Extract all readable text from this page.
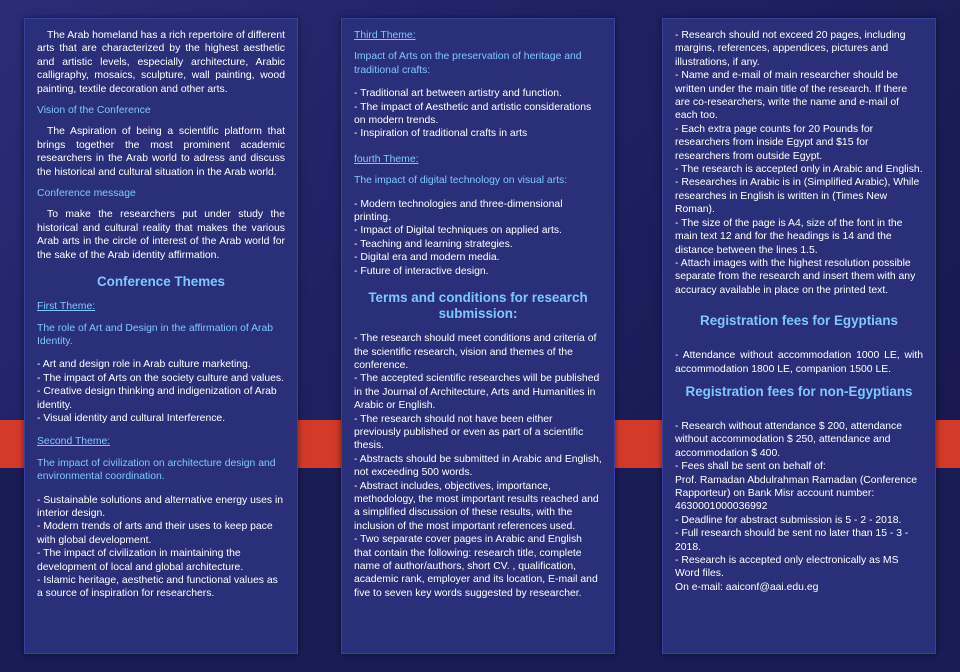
The Arab homeland has a rich repertoire of different arts that are characterized by the highest aesthetic and artistic levels, especially architecture, Arabic calligraphy, mosaics, sculpture, wall painting, wood painting, textile decoration and other arts.

Vision of the Conference

The Aspiration of being a scientific platform that brings together the most prominent academic researchers in the Arab world to adress and discuss the historical and cultural situation in the Arab world.

Conference message

To make the researchers put under study the historical and cultural reality that makes the various Arab arts in the circle of interest of the Arab world for the sake of the Arab identity affirmation.

Conference Themes
First Theme:
The role of Art and Design in the affirmation of Arab Identity.
- Art and design role in Arab culture marketing.
- The impact of Arts on the society culture and values.
- Creative design thinking and indigenization of Arab identity.
- Visual identity and cultural Interference.
Second Theme:
The impact of civilization on architecture design and environmental coordination.
- Sustainable solutions and alternative energy uses in interior design.
- Modern trends of arts and their uses to keep pace with global development.
- The impact of civilization in maintaining the development of local and global architecture.
- Islamic heritage, aesthetic and functional values as a source of inspiration for researchers.
Third Theme:
Impact of Arts on the preservation of heritage and traditional crafts:
- Traditional art between artistry and function.
- The impact of Aesthetic and artistic considerations on modern trends.
- Inspiration of traditional crafts in arts
fourth Theme:
The impact of digital technology on visual arts:
- Modern technologies and three-dimensional printing.
- Impact of Digital techniques on applied arts.
- Teaching and learning strategies.
- Digital era and modern media.
- Future of interactive design.
Terms and conditions for research submission:
- The research should meet conditions and criteria of the scientific research, vision and themes of the conference.
- The accepted scientific researches will be published in the Journal of Architecture, Arts and Humanities in Arabic or English.
- The research should not have been either previously published or even as part of a scientific thesis.
- Abstracts should be submitted in Arabic and English, not exceeding 500 words.
- Abstract includes, objectives, importance, methodology, the most important results reached and a simplified discussion of these results, with the inclusion of the most important references used.
- Two separate cover pages in Arabic and English that contain the following: research title, complete name of author/authors, short CV. , qualification, academic rank, employer and its location, E-mail and five to seven key words suggested by researcher.
- Research should not exceed 20 pages, including margins, references, appendices, pictures and illustrations, if any.
- Name and e-mail of main researcher should be written under the main title of the research. If there are co-researchers, write the name and e-mail of each too.
- Each extra page counts for 20 Pounds for researchers from inside Egypt and $15 for researchers from outside Egypt.
- The research is accepted only in Arabic and English.
- Researches in Arabic is in (Simplified Arabic), While researches in English is written in (Times New Roman).
- The size of the page is A4, size of the font in the main text 12 and for the headings is 14 and the distance between the lines 1.5.
- Attach images with the highest resolution possible separate from the research and insert them with any accuracy available in place on the printed text.
Registration fees for Egyptians

- Attendance without accommodation 1000 LE, with accommodation 1800 LE, companion 1500 LE.

Registration fees for non-Egyptians
- Research without attendance $ 200, attendance without accommodation $ 250, attendance and accommodation $ 400.
- Fees shall be sent on behalf of:
Prof. Ramadan Abdulrahman Ramadan (Conference Rapporteur) on Bank Misr account number: 4630001000036992
- Deadline for abstract submission is 5 - 2 - 2018.
- Full research should be sent no later than 15 - 3 - 2018.
- Research is accepted only electronically as MS Word files.
On e-mail: aaiconf@aai.edu.eg
